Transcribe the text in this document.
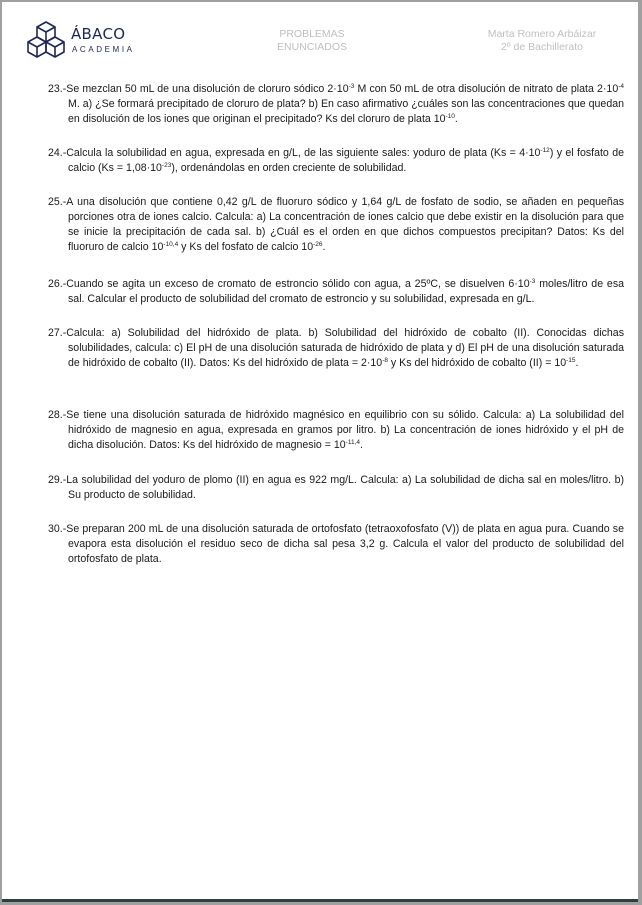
ÁBACO
ACADEMIA
PROBLEMAS
ENUNCIADOS
Marta Romero Arbáizar
2º de Bachillerato

23.-Se mezclan 50 mL de una disolución de cloruro sódico $2\cdot 10^{-3}$ M con 50 mL de otra disolución de nitrato de plata $2\cdot 10^{-4}$ M. a) ¿Se formará precipitado de cloruro de plata? b) En caso afirmativo ¿cuáles son las concentraciones que quedan en disolución de los iones que originan el precipitado? Ks del cloruro de plata $10^{-10}$.

24.-Calcula la solubilidad en agua, expresada en g/L, de las siguiente sales: yoduro de plata $(Ks = 4\cdot 10^{-12})$ y el fosfato de calcio $(Ks = 1,08\cdot 10^{-23})$, ordenándolas en orden creciente de solubilidad.

25.-A una disolución que contiene 0,42 g/L de fluoruro sódico y 1,64 g/L de fosfato de sodio, se añaden en pequeñas porciones otra de iones calcio. Calcula: a) La concentración de iones calcio que debe existir en la disolución para que se inicie la precipitación de cada sal. b) ¿Cuál es el orden en que dichos compuestos precipitan? Datos: Ks del fluoruro de calcio $10^{-10,4}$ y Ks del fosfato de calcio $10^{-26}$.

26.-Cuando se agita un exceso de cromato de estroncio sólido con agua, a 25ºC, se disuelven $6\cdot 10^{-3}$ moles/litro de esa sal. Calcular el producto de solubilidad del cromato de estroncio y su solubilidad, expresada en g/L.

27.-Calcula: a) Solubilidad del hidróxido de plata. b) Solubilidad del hidróxido de cobalto (II). Conocidas dichas solubilidades, calcula: c) El pH de una disolución saturada de hidróxido de plata y d) El pH de una disolución saturada de hidróxido de cobalto (II). Datos: Ks del hidróxido de plata = $2\cdot 10^{-8}$ y Ks del hidróxido de cobalto $(II) = 10^{-15}$.

28.-Se tiene una disolución saturada de hidróxido magnésico en equilibrio con su sólido. Calcula: a) La solubilidad del hidróxido de magnesio en agua, expresada en gramos por litro. b) La concentración de iones hidróxido y el pH de dicha disolución. Datos: Ks del hidróxido de magnesio = $10^{-11,4}$.

29.-La solubilidad del yoduro de plomo (II) en agua es 922 mg/L. Calcula: a) La solubilidad de dicha sal en moles/litro. b) Su producto de solubilidad.

30.-Se preparan 200 mL de una disolución saturada de ortofosfato (tetraoxofosfato (V)) de plata en agua pura. Cuando se evapora esta disolución el residuo seco de dicha sal pesa 3,2 g. Calcula el valor del producto de solubilidad del ortofosfato de plata.
